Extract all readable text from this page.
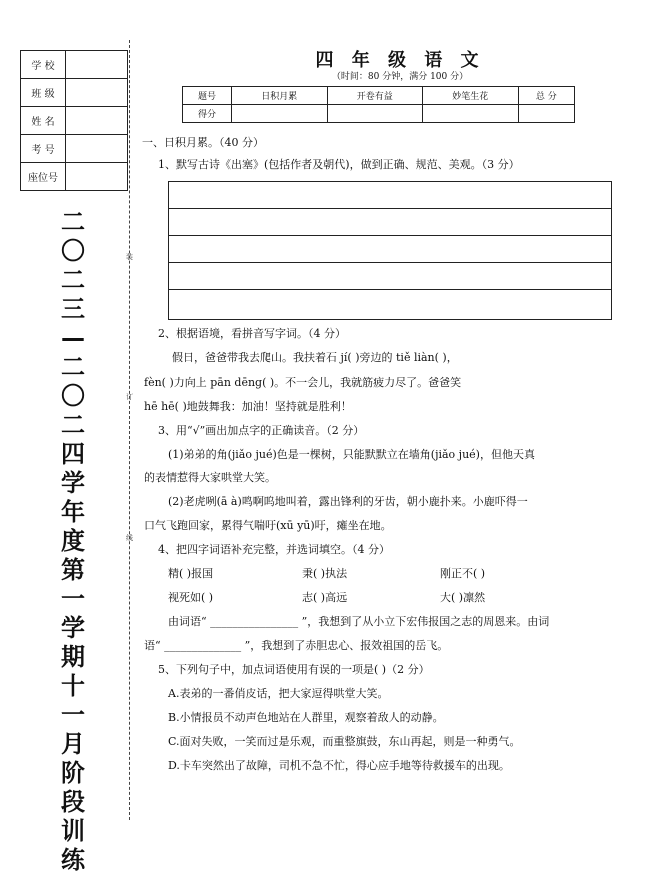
学 校	
班 级	
姓 名	
考 号	
座位号	
二
〇
二
三
—
二
〇
二
四
学
年
度
第
一
学
期
十
一
月
阶
段
训
练
装
订
线
四 年 级 语 文
（时间：80 分钟，满分 100 分）
题号	日积月累	开卷有益	妙笔生花	总 分
得分				
一、日积月累。（40 分）
1、默写古诗《出塞》(包括作者及朝代)，做到正确、规范、美观。（3 分）
2、根据语境，看拼音写字词。（4 分）
假日，爸爸带我去爬山。我扶着石 jí( )旁边的 tiě liàn( )，
fèn( )力向上 pān dēng( )。不一会儿，我就筋疲力尽了。爸爸笑
hē hē( )地鼓舞我：加油！坚持就是胜利！
3、用“√”画出加点字的正确读音。（2 分）
(1)弟弟的角(jiǎo jué)色是一棵树，只能默默立在墙角(jiǎo jué)，但他天真
的表情惹得大家哄堂大笑。
(2)老虎咧(ā à)鸣啊呜地叫着，露出锋利的牙齿，朝小鹿扑来。小鹿吓得一
口气飞跑回家，累得气喘吁(xū yū)吁，瘫坐在地。
4、把四字词语补充完整，并选词填空。（4 分）
精( )报国	秉( )执法	刚正不( )
视死如( )	志( )高远	大( )凛然
由词语“ ________________ ”，我想到了从小立下宏伟报国之志的周恩来。由词
语“ ______________ ”，我想到了赤胆忠心、报效祖国的岳飞。
5、下列句子中，加点词语使用有误的一项是( )（2 分）
A.表弟的一番俏皮话，把大家逗得哄堂大笑。
B.小情报员不动声色地站在人群里，观察着敌人的动静。
C.面对失败，一笑而过是乐观，而重整旗鼓，东山再起，则是一种勇气。
D.卡车突然出了故障，司机不急不忙，得心应手地等待救援车的出现。
